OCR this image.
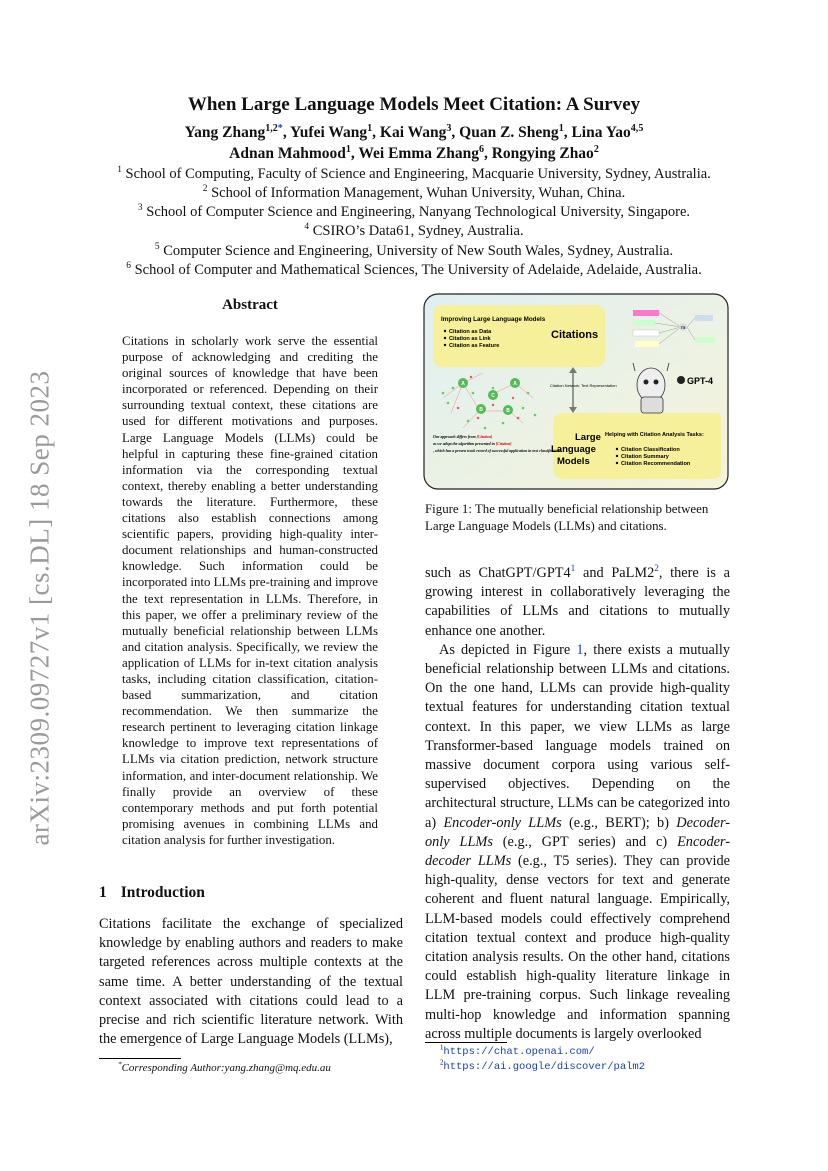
arXiv:2309.09727v1 [cs.DL] 18 Sep 2023
When Large Language Models Meet Citation: A Survey
Yang Zhang$^{1,2*}$, Yufei Wang$^1$, Kai Wang$^3$, Quan Z. Sheng$^1$, Lina Yao$^{4,5}$
Adnan Mahmood$^1$, Wei Emma Zhang$^6$, Rongying Zhao$^2$
$^1$ School of Computing, Faculty of Science and Engineering, Macquarie University, Sydney, Australia.
$^2$ School of Information Management, Wuhan University, Wuhan, China.
$^3$ School of Computer Science and Engineering, Nanyang Technological University, Singapore.
$^4$ CSIRO’s Data61, Sydney, Australia.
$^5$ Computer Science and Engineering, University of New South Wales, Sydney, Australia.
$^6$ School of Computer and Mathematical Sciences, The University of Adelaide, Adelaide, Australia.
Abstract

Citations in scholarly work serve the essential purpose of acknowledging and crediting the original sources of knowledge that have been incorporated or referenced. Depending on their surrounding textual context, these citations are used for different motivations and purposes. Large Language Models (LLMs) could be helpful in capturing these fine-grained citation information via the corresponding textual context, thereby enabling a better understanding towards the literature. Furthermore, these citations also establish connections among scientific papers, providing high-quality inter-document relationships and human-constructed knowledge. Such information could be incorporated into LLMs pre-training and improve the text representation in LLMs. Therefore, in this paper, we offer a preliminary review of the mutually beneficial relationship between LLMs and citation analysis. Specifically, we review the application of LLMs for in-text citation analysis tasks, including citation classification, citation-based summarization, and citation recommendation. We then summarize the research pertinent to leveraging citation linkage knowledge to improve text representations of LLMs via citation prediction, network structure information, and inter-document relationship. We finally provide an overview of these contemporary methods and put forth potential promising avenues in combining LLMs and citation analysis for further investigation.

1 Introduction

Citations facilitate the exchange of specialized knowledge by enabling authors and readers to make targeted references across multiple contexts at the same time. A better understanding of the textual context associated with citations could lead to a precise and rich scientific literature network. With the emergence of Large Language Models (LLMs),

*Corresponding Author:yang.zhang@mq.edu.au
Improving Large Language Models
Citation as Data
Citation as Link
Citation as Feature
Citations
Large
Language
Models
Helping with Citation Analysis Tasks:
Citation Classification
Citation Summary
Citation Recommendation
Citation Network Text Representation
A	A
B	B
C
Our approach differs from [Citation] as we adopt the algorithm presented in [Citation] , which has a proven track record of successful application in text classification.
GPT-4
T5
Figure 1: The mutually beneficial relationship between Large Language Models (LLMs) and citations.

such as ChatGPT/$GPT4^1$ and $PaLM2^2$, there is a growing interest in collaboratively leveraging the capabilities of LLMs and citations to mutually enhance one another.

As depicted in Figure 1, there exists a mutually beneficial relationship between LLMs and citations. On the one hand, LLMs can provide high-quality textual features for understanding citation textual context. In this paper, we view LLMs as large Transformer-based language models trained on massive document corpora using various self-supervised objectives. Depending on the architectural structure, LLMs can be categorized into a) Encoder-only LLMs (e.g., BERT); b) Decoder-only LLMs (e.g., GPT series) and c) Encoder-decoder LLMs (e.g., T5 series). They can provide high-quality, dense vectors for text and generate coherent and fluent natural language. Empirically, LLM-based models could effectively comprehend citation textual context and produce high-quality citation analysis results. On the other hand, citations could establish high-quality literature linkage in LLM pre-training corpus. Such linkage revealing multi-hop knowledge and information spanning across multiple documents is largely overlooked

$^1$https://chat.openai.com/
$^2$https://ai.google/discover/palm2
